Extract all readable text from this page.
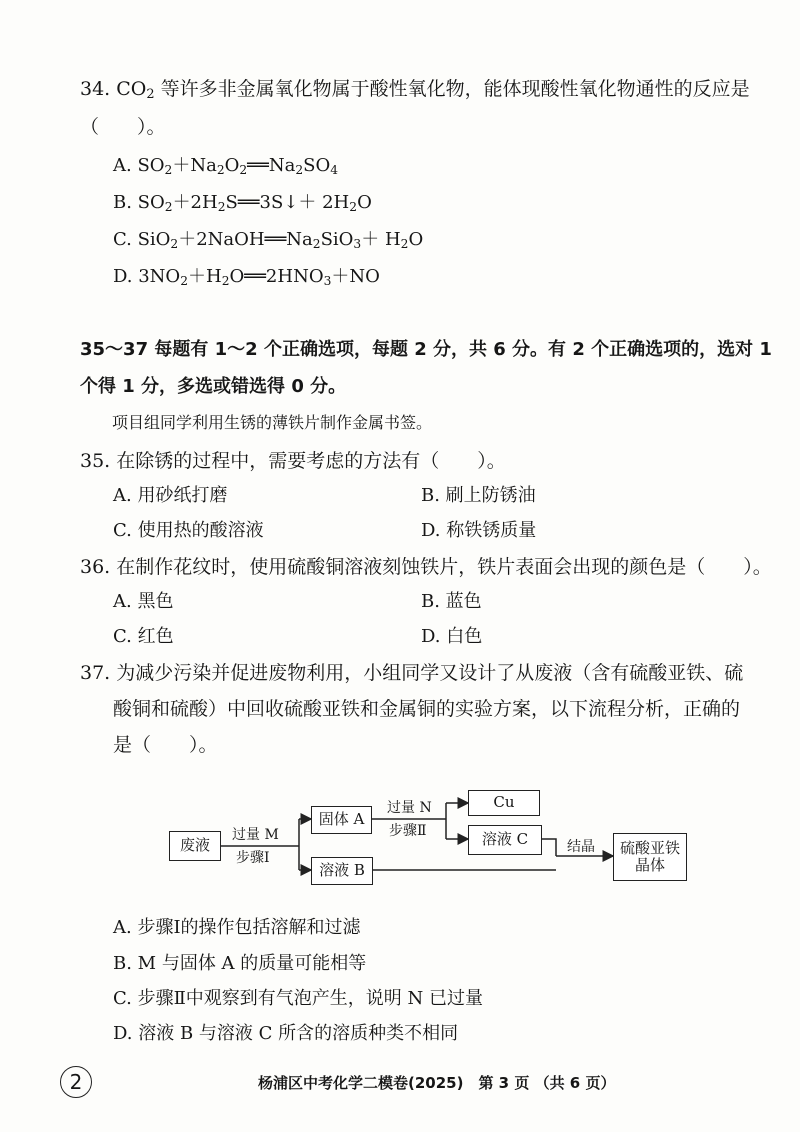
34. $CO_2$ 等许多非金属氧化物属于酸性氧化物，能体现酸性氧化物通性的反应是
（　　）。
A. $SO_2+Na_2O_2══Na_2SO_4$
B. $SO_2+2H_2S══3S↓+ 2H_2O$
C. $SiO_2+2NaOH══Na_2SiO_3+ H_2O$
D. $3NO_2+H_2O══2HNO_3+NO$
35～37 每题有 1～2 个正确选项，每题 2 分，共 6 分。有 2 个正确选项的，选对 1
个得 1 分，多选或错选得 0 分。
项目组同学利用生锈的薄铁片制作金属书签。
35. 在除锈的过程中，需要考虑的方法有（　　）。
A. 用砂纸打磨	B. 刷上防锈油
C. 使用热的酸溶液	D. 称铁锈质量
36. 在制作花纹时，使用硫酸铜溶液刻蚀铁片，铁片表面会出现的颜色是（　　）。
A. 黑色	B. 蓝色
C. 红色	D. 白色
37. 为减少污染并促进废物利用，小组同学又设计了从废液（含有硫酸亚铁、硫
酸铜和硫酸）中回收硫酸亚铁和金属铜的实验方案，以下流程分析，正确的
是（　　）。
废液
固体 A
溶液 B
Cu
溶液 C	硫酸亚铁
晶体
过量 M
步骤Ⅰ
过量 N
步骤Ⅱ
结晶
A. 步骤Ⅰ的操作包括溶解和过滤
B. M 与固体 A 的质量可能相等
C. 步骤Ⅱ中观察到有气泡产生，说明 N 已过量
D. 溶液 B 与溶液 C 所含的溶质种类不相同
2	杨浦区中考化学二模卷(2025)　第 3 页 （共 6 页）
